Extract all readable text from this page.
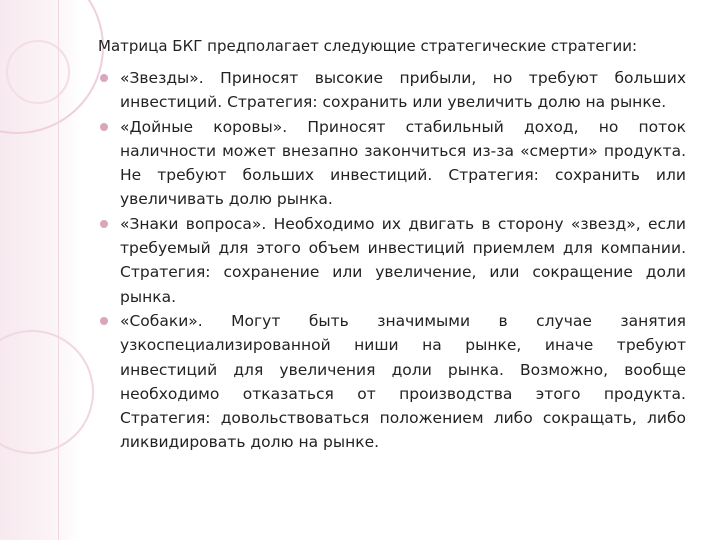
Матрица БКГ предполагает следующие стратегические стратегии:

«Звезды». Приносят высокие прибыли, но требуют больших инвестиций. Стратегия: сохранить или увеличить долю на рынке.
«Дойные коровы». Приносят стабильный доход, но поток наличности может внезапно закончиться из-за «смерти» продукта. Не требуют больших инвестиций. Стратегия: сохранить или увеличивать долю рынка.
«Знаки вопроса». Необходимо их двигать в сторону «звезд», если требуемый для этого объем инвестиций приемлем для компании. Стратегия: сохранение или увеличение, или сокращение доли рынка.
«Собаки». Могут быть значимыми в случае занятия узкоспециализированной ниши на рынке, иначе требуют инвестиций для увеличения доли рынка. Возможно, вообще необходимо отказаться от производства этого продукта. Стратегия: довольствоваться положением либо сокращать, либо ликвидировать долю на рынке.
